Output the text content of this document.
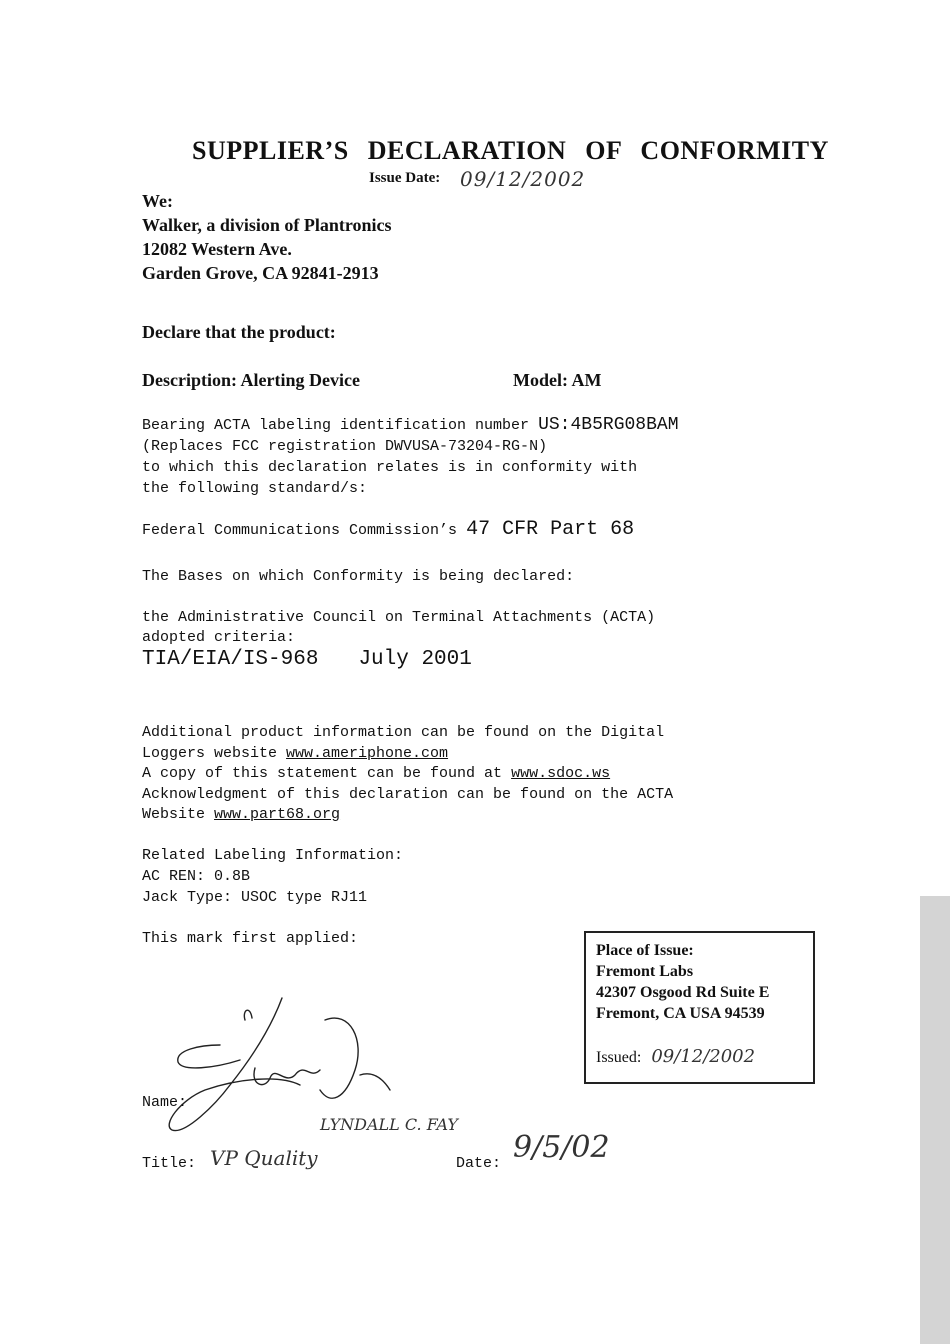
SUPPLIER’S DECLARATION OF CONFORMITY
Issue Date: 09/12/2002
We:
Walker, a division of Plantronics
12082 Western Ave.
Garden Grove, CA 92841-2913
Declare that the product:
Description: Alerting Device	Model: AM
Bearing ACTA labeling identification number US:4B5RG08BAM
(Replaces FCC registration DWVUSA-73204-RG-N)
to which this declaration relates is in conformity with
the following standard/s:
Federal Communications Commission’s 47 CFR Part 68
The Bases on which Conformity is being declared:
the Administrative Council on Terminal Attachments (ACTA)
adopted criteria:
TIA/EIA/IS-968 July 2001
Additional product information can be found on the Digital
Loggers website www.ameriphone.com
A copy of this statement can be found at www.sdoc.ws
Acknowledgment of this declaration can be found on the ACTA
Website www.part68.org
Related Labeling Information:
AC REN: 0.8B
Jack Type: USOC type RJ11
This mark first applied:
Place of Issue:
Fremont Labs
42307 Osgood Rd Suite E
Fremont, CA USA 94539
Issued: 09/12/2002
LYNDALL C. FAY
Name:
Title: VP Quality	Date: 9/5/02
